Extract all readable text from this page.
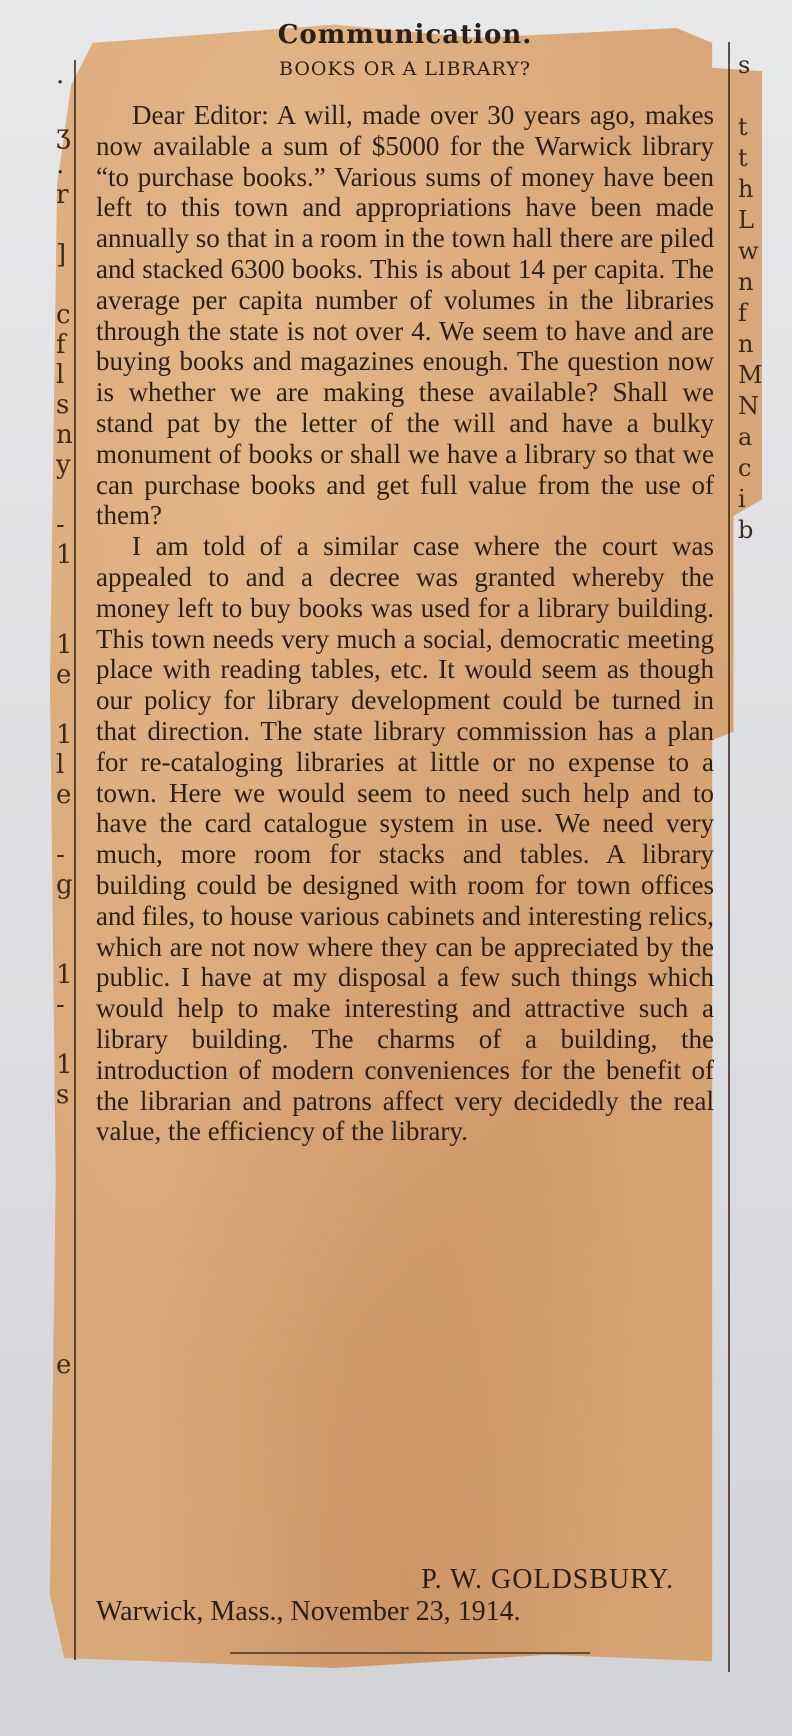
.

ʒ
.
r

]

c
f
l
s
n
y

-
1

1
e

1
l
e

-
g

1
-

1
s

e
s

t
t
h
L
w
n
f
n
M
N
a
c
i
b
Communication.
BOOKS OR A LIBRARY?

Dear Editor: A will, made over 30 years ago, makes now available a sum of $5000 for the Warwick library “to purchase books.” Various sums of money have been left to this town and appropriations have been made annually so that in a room in the town hall there are piled and stacked 6300 books. This is about 14 per capita. The average per capita number of volumes in the libraries through the state is not over 4. We seem to have and are buying books and magazines enough. The question now is whether we are making these available? Shall we stand pat by the letter of the will and have a bulky monument of books or shall we have a library so that we can purchase books and get full value from the use of them?

I am told of a similar case where the court was appealed to and a decree was granted whereby the money left to buy books was used for a library building. This town needs very much a social, democratic meeting place with reading tables, etc. It would seem as though our policy for library development could be turned in that direction. The state library commission has a plan for re-cataloging libraries at little or no expense to a town. Here we would seem to need such help and to have the card catalogue system in use. We need very much, more room for stacks and tables. A library building could be designed with room for town offices and files, to house various cabinets and interesting relics, which are not now where they can be appreciated by the public. I have at my disposal a few such things which would help to make interesting and attractive such a library building. The charms of a building, the introduction of modern conveniences for the benefit of the librarian and patrons affect very decidedly the real value, the efficiency of the library.

P. W. GOLDSBURY.
Warwick, Mass., November 23, 1914.
